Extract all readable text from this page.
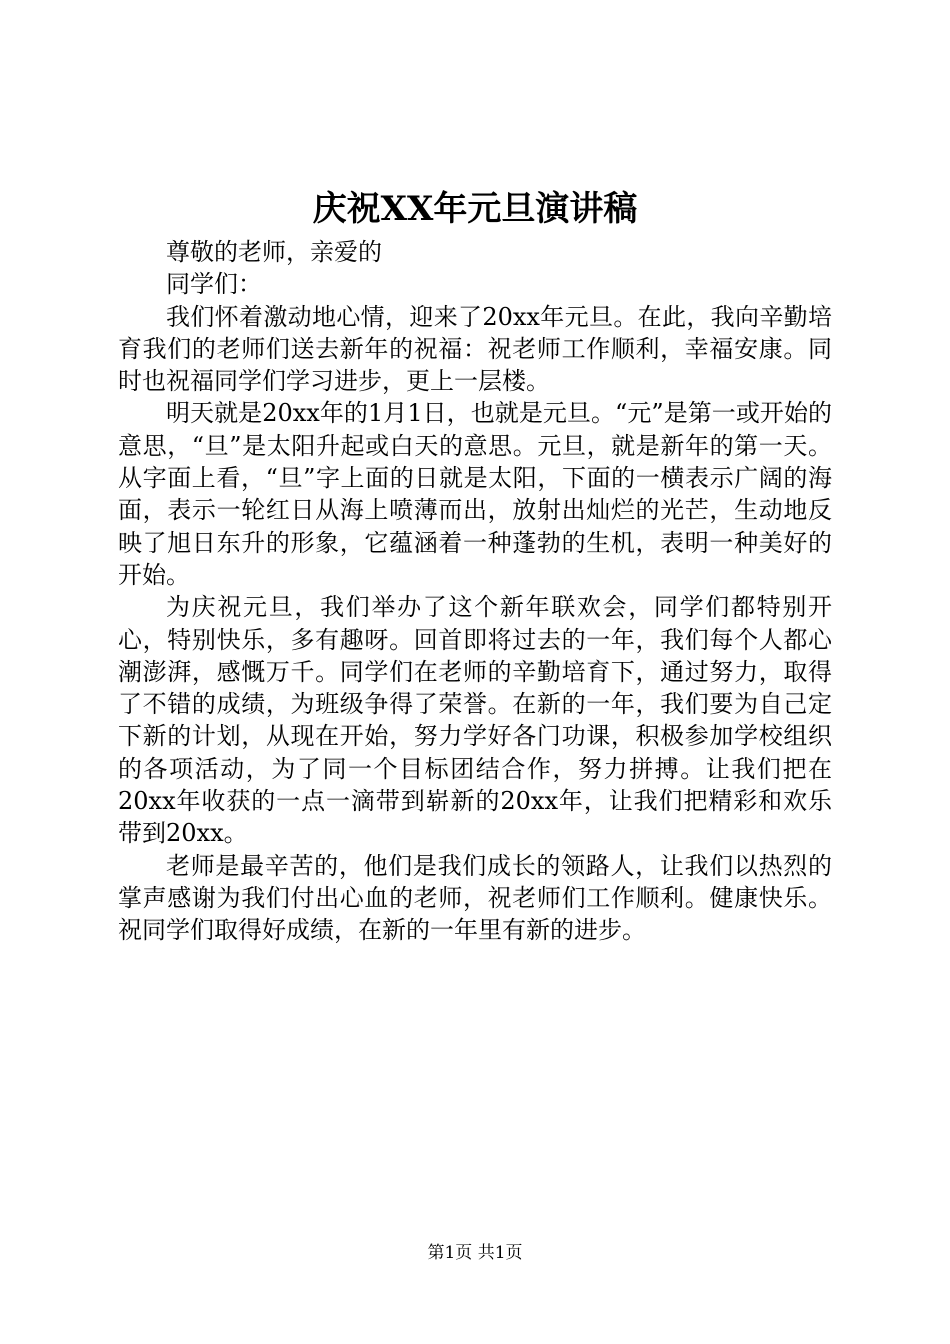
庆祝XX年元旦演讲稿

尊敬的老师，亲爱的

同学们：

我们怀着激动地心情，迎来了20xx年元旦。在此，我向辛勤培育我们的老师们送去新年的祝福：祝老师工作顺利，幸福安康。同时也祝福同学们学习进步，更上一层楼。

明天就是20xx年的1月1日，也就是元旦。“元”是第一或开始的意思，“旦”是太阳升起或白天的意思。元旦，就是新年的第一天。从字面上看，“旦”字上面的日就是太阳，下面的一横表示广阔的海面，表示一轮红日从海上喷薄而出，放射出灿烂的光芒，生动地反映了旭日东升的形象，它蕴涵着一种蓬勃的生机，表明一种美好的开始。

为庆祝元旦，我们举办了这个新年联欢会，同学们都特别开心，特别快乐，多有趣呀。回首即将过去的一年，我们每个人都心潮澎湃，感慨万千。同学们在老师的辛勤培育下，通过努力，取得了不错的成绩，为班级争得了荣誉。在新的一年，我们要为自己定下新的计划，从现在开始，努力学好各门功课，积极参加学校组织的各项活动，为了同一个目标团结合作，努力拼搏。让我们把在20xx年收获的一点一滴带到崭新的20xx年，让我们把精彩和欢乐带到20xx。

老师是最辛苦的，他们是我们成长的领路人，让我们以热烈的掌声感谢为我们付出心血的老师，祝老师们工作顺利。健康快乐。祝同学们取得好成绩，在新的一年里有新的进步。

第1页 共1页
